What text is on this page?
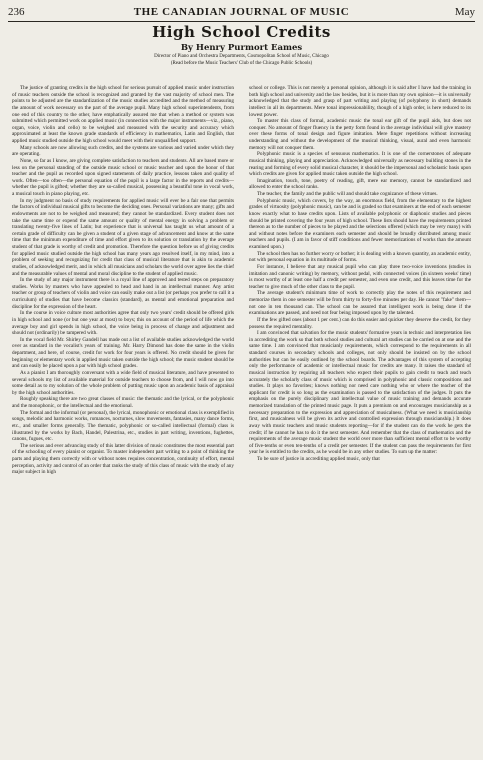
236	THE CANADIAN JOURNAL OF MUSIC	May
High School Credits
By Henry Purmort Eames
Director of Piano and Orchestra Departments, Cosmopolitan School of Music, Chicago
(Read before the Music Teachers' Club of the Chicago Public Schools)

The justice of granting credits in the high school for serious pursuit of applied music under instruction of music teachers outside the school is recognized and granted by the vast majority of school men. The points to be adjusted are the standardization of the music studies accredited and the method of measuring the amount of work necessary on the part of the average pupil. Many high school superintendents, from one end of this country to the other, have emphatically assured me that when a method or system was submitted which permitted work on applied music (in connection with the major instruments—viz., piano, organ, voice, violin and cello) to be weighed and measured with the security and accuracy which approximated at least the known grade standards of efficiency in mathematics, Latin and English, that applied music studied outside the high school would meet with their unqualified support.

Many schools are now allowing such credits, and the systems are various and varied under which they are operating.

None, so far as I know, are giving complete satisfaction to teachers and students. All are based more or less on the personal standing of the outside music school or music teacher and upon the honor of that teacher and the pupil as recorded upon signed statements of daily practice, lessons taken and quality of work. Often—too often—the personal equation of the pupil is a large factor in the reports and credits—whether the pupil is gifted; whether they are so-called musical, possessing a beautiful tone in vocal work, a musical touch in piano playing, etc.

In my judgment no basis of study requirements for applied music will ever be a fair one that permits the factors of individual musical gifts to become the deciding ones. Personal variations are many; gifts and endowments are not to be weighed and measured; they cannot be standardized. Every student does not take the same time or expend the same amount or quality of mental energy in solving a problem or translating twenty-five lines of Latin; but experience that is universal has taught us what amount of a certain grade of difficulty can be given a student of a given stage of advancement and know at the same time that the minimum expenditure of time and effort given to its solution or translation by the average student of that grade is worthy of credit and promotion. Therefore the question before us of giving credits for applied music studied outside the high school has many years ago resolved itself, in my mind, into a problem of seeking and recognizing for credit that class of musical literature that is akin to academic studies, of acknowledged merit, and in which all musicians and scholars the world over agree lies the chief and the measurable values of mental and moral discipline to the student of applied music.

In the study of any major instrument there is a royal line of approved and tested steps on preparatory studies. Works by masters who have appealed to head and hand in an intellectual manner. Any artist teacher or group of teachers of violin and voice can easily make out a list (or perhaps you prefer to call it a curriculum) of studies that have become classics (standard), as mental and emotional preparation and discipline for the expression of the heart.

In the course in voice culture most authorities agree that only two years' credit should be offered girls in high school and none (or but one year at most) to boys; this on account of the period of life which the average boy and girl spends in high school, the voice being in process of change and adjustment and should not (ordinarily) be tampered with.

In the vocal field Mr. Shirley Gandell has made out a list of available studies acknowledged the world over as standard in the vocalist's years of training. Mr. Harry Dimond has done the same in the violin department, and here, of course, credit for work for four years is offered. No credit should be given for beginning or elementary work in applied music taken outside the high school; the music student should be and can easily be placed upon a par with high school grades.

As a pianist I am thoroughly conversant with a wide field of musical literature, and have presented to several schools my list of available material for outside teachers to choose from, and I will now go into some detail as to my solution of the whole problem of putting music upon an academic basis of appraisal by the high school authorities.

Roughly speaking there are two great classes of music: the thematic and the lyrical, or the polyphonic and the monophonic, or the intellectual and the emotional.

The formal and the informal (or personal), the lyrical, monophonic or emotional class is exemplified in songs, melodic and harmonic works, romances, nocturnes, slow movements, fantasies, many dance forms, etc., and smaller forms generally. The thematic, polyphonic or so-called intellectual (formal) class is illustrated by the works by Bach, Handel, Palestrina, etc., studies in part writing, inventions, fughettes, canons, fugues, etc.

The serious and ever advancing study of this latter division of music constitutes the most essential part of the schooling of every pianist or organist. To master independent part writing to a point of thinking the parts and playing them correctly with or without notes requires concentration, continuity of effort, mental perception, activity and control of an order that ranks the study of this class of music with the study of any major subject in high

school or college. This is not merely a personal opinion, although it is said after I have had the training in both high school and university and the law besides, but it is more than my own opinion—it is universally acknowledged that the study and grasp of part writing and playing (of polyphony in short) demands intellect in all its departments. Mere tonal impressionability, though of a high order, is here reduced to its lowest power.

To master this class of formal, academic music the tonal ear gift of the pupil aids, but does not conquer. No amount of finger fluency in the petty form found in the average individual will give mastery over these forms of tonal design and figure imitation. Mere finger repetitions without increasing understanding and without the development of the musical thinking, visual, aural and even harmonic memory will not conquer them.

Polyphonic music is a species of sensuous mathematics. It is one of the cornerstones of adequate musical thinking, playing and appreciation. Acknowledged universally as necessary building stones in the rearing and forming of every solid musical character, it should be the impersonal and scholastic basis upon which credits are given for applied music taken outside the high school.

Imagination, touch, tone, poetry of reading, gift, mere ear memory, cannot be standardized and allowed to enter the school ranks.

The teacher, the family and the public will and should take cognizance of these virtues.

Polyphonic music, which covers, by the way, an enormous field, from the elementary to the highest grades of virtuosity (polyphonic music), can be and is graded so that examiners at the end of each semester know exactly what to base credits upon. Lists of available polyphonic or diaphonic studies and pieces should be printed covering the four years of high school. These lists should have the requirements printed thereon as to the number of pieces to be played and the selections offered (which may be very many) with and without notes before the examiners each semester and should be broadly distributed among music teachers and pupils. (I am in favor of stiff conditions and fewer memorizations of works than the amount examined upon.)

The school then has no further worry or bother; it is dealing with a known quantity, an academic entity, not with personal equation in its multitude of forms.

For instance, I believe that any musical pupil who can play three two-voice inventions (studies in imitation and canonic writing) by memory, without pedal, with connected voices (in sixteen weeks' time) is most worthy of at least one half a credit per semester, and even one credit, and this leaves time for the teacher to give much of the other class to the pupil.

The average student's minimum time of work to correctly play the notes of this requirement and memorize them in one semester will be from thirty to forty-five minutes per day. He cannot "fake" them—not one in ten thousand can. The school can be assured that intelligent work is being done if the examinations are passed, and need not fear being imposed upon by the talented.

If the few gifted ones (about 1 per cent.) can do this easier and quicker they deserve the credit, for they possess the required mentality.

I am convinced that salvation for the music students' formative years in technic and interpretation lies in accrediting the work so that both school studies and cultural art studies can be carried on at one and the same time. I am convinced that musicianly requirements, which correspond to the requirements in all standard courses in secondary schools and colleges, not only should be insisted on by the school authorities but can be easily outlined by the school boards. The advantages of this system of accepting only the performance of academic or intellectual music for credits are many. It raises the standard of musical instruction by requiring all teachers who expect their pupils to gain credit to teach and teach accurately the scholarly class of music which is comprised in polyphonic and classic compositions and studies. It plays no favorites; knows nothing nor need care nothing who or where the teacher of the applicant for credit is so long as the examination is passed to the satisfaction of the judges. It puts the emphasis on the purely disciplinary and intellectual value of music training and demands accurate memorized translation of the printed music page. It puts a premium on and encourages musicianship as a necessary preparation to the expression and appreciation of musicalness. (What we need is musicianship first, and musicalness will be given its active and controlled expression through musicianship.) It does away with music teachers and music students reporting—for if the student can do the work he gets the credit; if he cannot he has to do it the next semester. And remember that the class of mathematics and the requirements of the average music student the world over more than sufficient mental effort to be worthy of five-tenths or even ten-tenths of a credit per semester. If the student can pass the requirements for first year he is entitled to the credits, as he would be in any other studies. To sum up the matter:

To be sure of justice in accrediting applied music, only that
